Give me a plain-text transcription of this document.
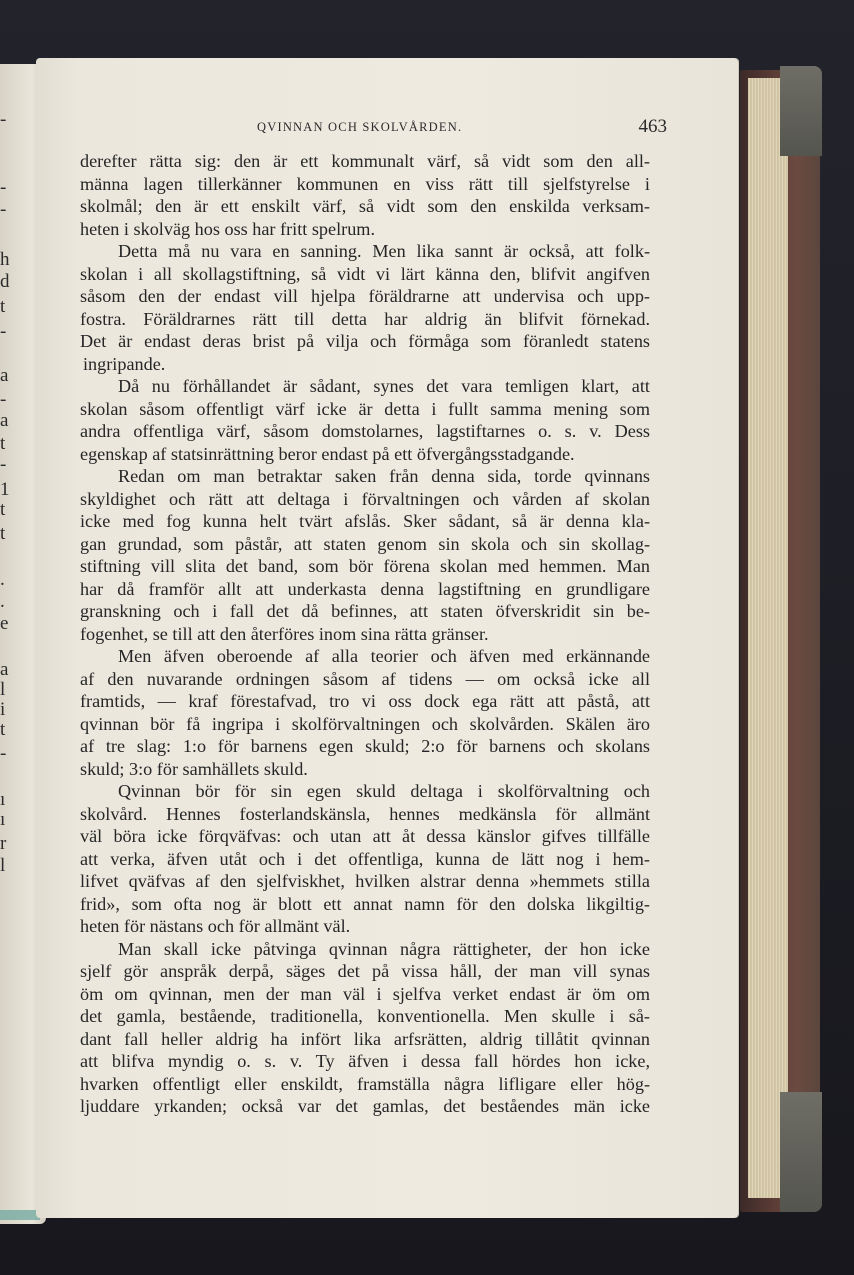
-
-
-
h
d
t
-
a
-
a
t
-
1
t
t
.
.
e
a
l
i
t
-
ı
ı
r
l
QVINNAN OCH SKOLVÅRDEN.	463
derefter rätta sig: den är ett kommunalt värf, så vidt som den all-
männa lagen tillerkänner kommunen en viss rätt till sjelfstyrelse i
skolmål; den är ett enskilt värf, så vidt som den enskilda verksam-
heten i skolväg hos oss har fritt spelrum.
Detta må nu vara en sanning. Men lika sannt är också, att folk-
skolan i all skollagstiftning, så vidt vi lärt känna den, blifvit angifven
såsom den der endast vill hjelpa föräldrarne att undervisa och upp-
fostra. Föräldrarnes rätt till detta har aldrig än blifvit förnekad.
Det är endast deras brist på vilja och förmåga som föranledt statens
ingripande.
Då nu förhållandet är sådant, synes det vara temligen klart, att
skolan såsom offentligt värf icke är detta i fullt samma mening som
andra offentliga värf, såsom domstolarnes, lagstiftarnes o. s. v. Dess
egenskap af statsinrättning beror endast på ett öfvergångsstadgande.
Redan om man betraktar saken från denna sida, torde qvinnans
skyldighet och rätt att deltaga i förvaltningen och vården af skolan
icke med fog kunna helt tvärt afslås. Sker sådant, så är denna kla-
gan grundad, som påstår, att staten genom sin skola och sin skollag-
stiftning vill slita det band, som bör förena skolan med hemmen. Man
har då framför allt att underkasta denna lagstiftning en grundligare
granskning och i fall det då befinnes, att staten öfverskridit sin be-
fogenhet, se till att den återföres inom sina rätta gränser.
Men äfven oberoende af alla teorier och äfven med erkännande
af den nuvarande ordningen såsom af tidens — om också icke all
framtids, — kraf förestafvad, tro vi oss dock ega rätt att påstå, att
qvinnan bör få ingripa i skolförvaltningen och skolvården. Skälen äro
af tre slag: 1:o för barnens egen skuld; 2:o för barnens och skolans
skuld; 3:o för samhällets skuld.
Qvinnan bör för sin egen skuld deltaga i skolförvaltning och
skolvård. Hennes fosterlandskänsla, hennes medkänsla för allmänt
väl böra icke förqväfvas: och utan att åt dessa känslor gifves tillfälle
att verka, äfven utåt och i det offentliga, kunna de lätt nog i hem-
lifvet qväfvas af den sjelfviskhet, hvilken alstrar denna »hemmets stilla
frid», som ofta nog är blott ett annat namn för den dolska likgiltig-
heten för nästans och för allmänt väl.
Man skall icke påtvinga qvinnan några rättigheter, der hon icke
sjelf gör anspråk derpå, säges det på vissa håll, der man vill synas
öm om qvinnan, men der man väl i sjelfva verket endast är öm om
det gamla, bestående, traditionella, konventionella. Men skulle i så-
dant fall heller aldrig ha infört lika arfsrätten, aldrig tillåtit qvinnan
att blifva myndig o. s. v. Ty äfven i dessa fall hördes hon icke,
hvarken offentligt eller enskildt, framställa några lifligare eller hög-
ljuddare yrkanden; också var det gamlas, det beståendes män icke
